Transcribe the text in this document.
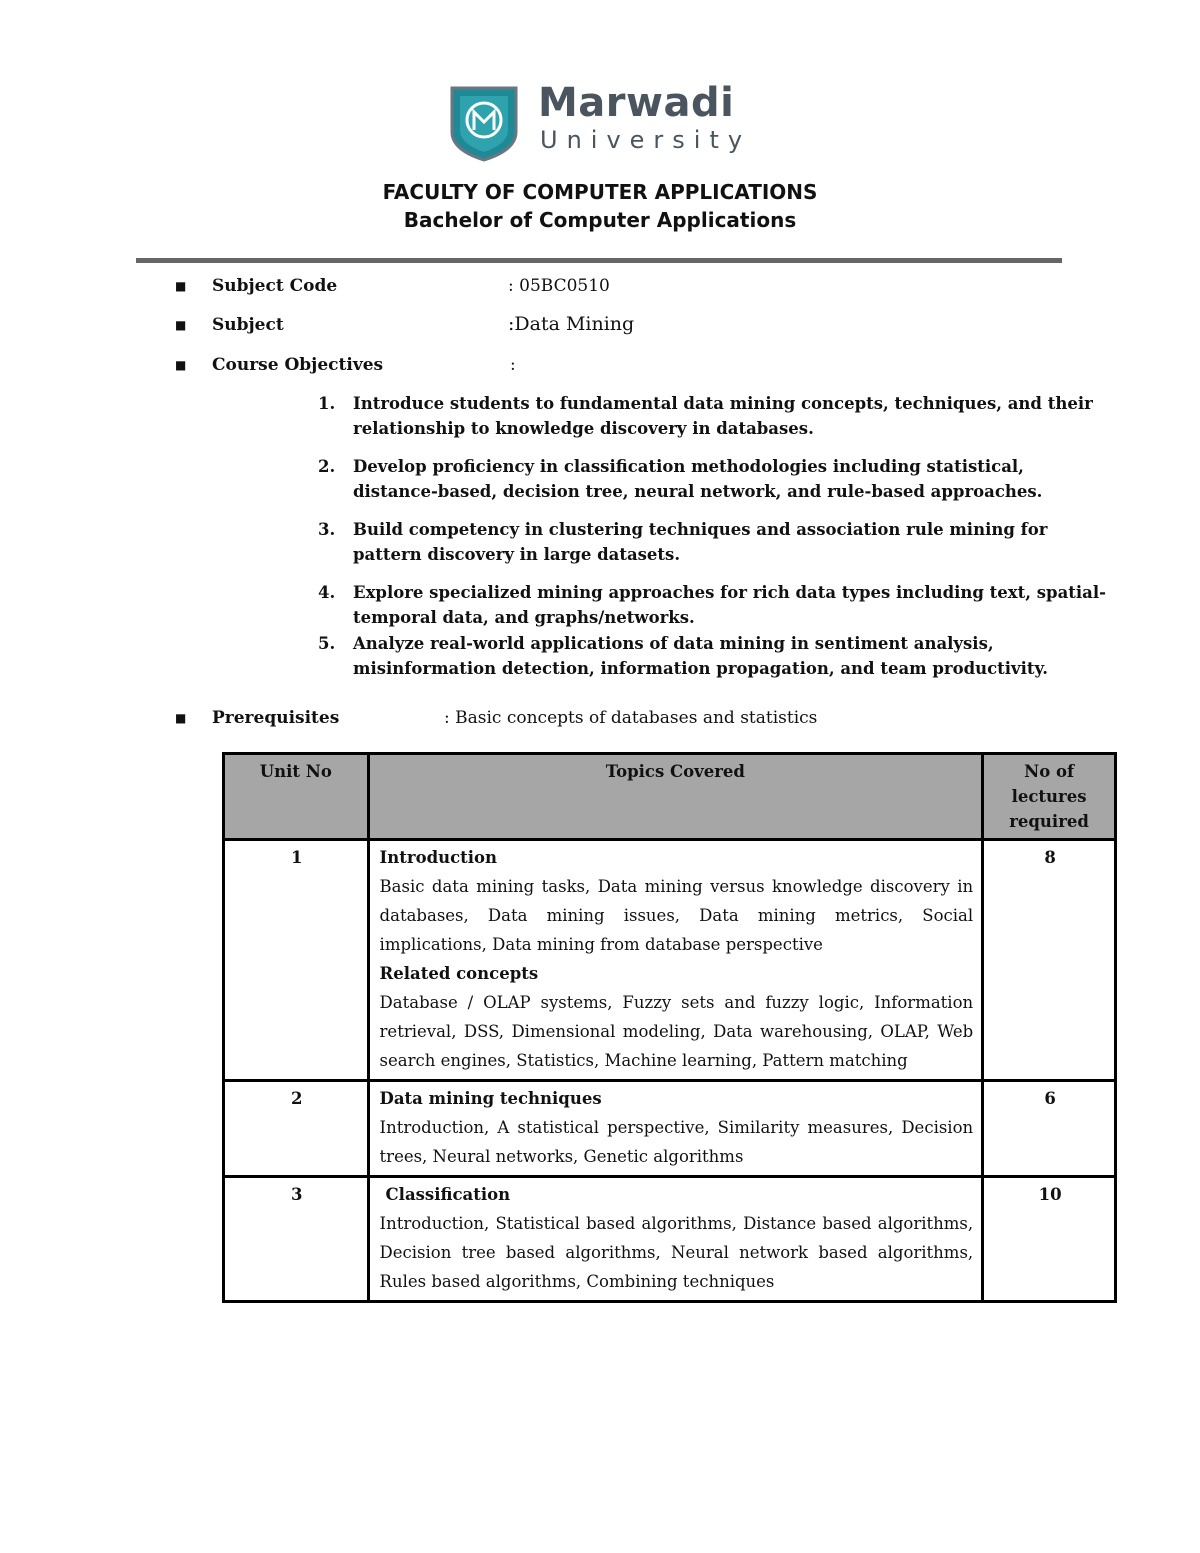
Marwadi
University
FACULTY OF COMPUTER APPLICATIONS
Bachelor of Computer Applications
■ Subject Code	: 05BC0510
■ Subject	:Data Mining
■ Course Objectives	:
1. Introduce students to fundamental data mining concepts, techniques, and their relationship to knowledge discovery in databases.
2. Develop proficiency in classification methodologies including statistical, distance-based, decision tree, neural network, and rule-based approaches.
3. Build competency in clustering techniques and association rule mining for pattern discovery in large datasets.
4. Explore specialized mining approaches for rich data types including text, spatial-temporal data, and graphs/networks.
5. Analyze real-world applications of data mining in sentiment analysis, misinformation detection, information propagation, and team productivity.
■ Prerequisites	: Basic concepts of databases and statistics
Unit No	Topics Covered	No of lectures required
1	Introduction
Basic data mining tasks, Data mining versus knowledge discovery in databases, Data mining issues, Data mining metrics, Social implications, Data mining from database perspective
Related concepts
Database / OLAP systems, Fuzzy sets and fuzzy logic, Information retrieval, DSS, Dimensional modeling, Data warehousing, OLAP, Web search engines, Statistics, Machine learning, Pattern matching	8
2	Data mining techniques
Introduction, A statistical perspective, Similarity measures, Decision trees, Neural networks, Genetic algorithms	6
3	Classification
Introduction, Statistical based algorithms, Distance based algorithms, Decision tree based algorithms, Neural network based algorithms, Rules based algorithms, Combining techniques	10
